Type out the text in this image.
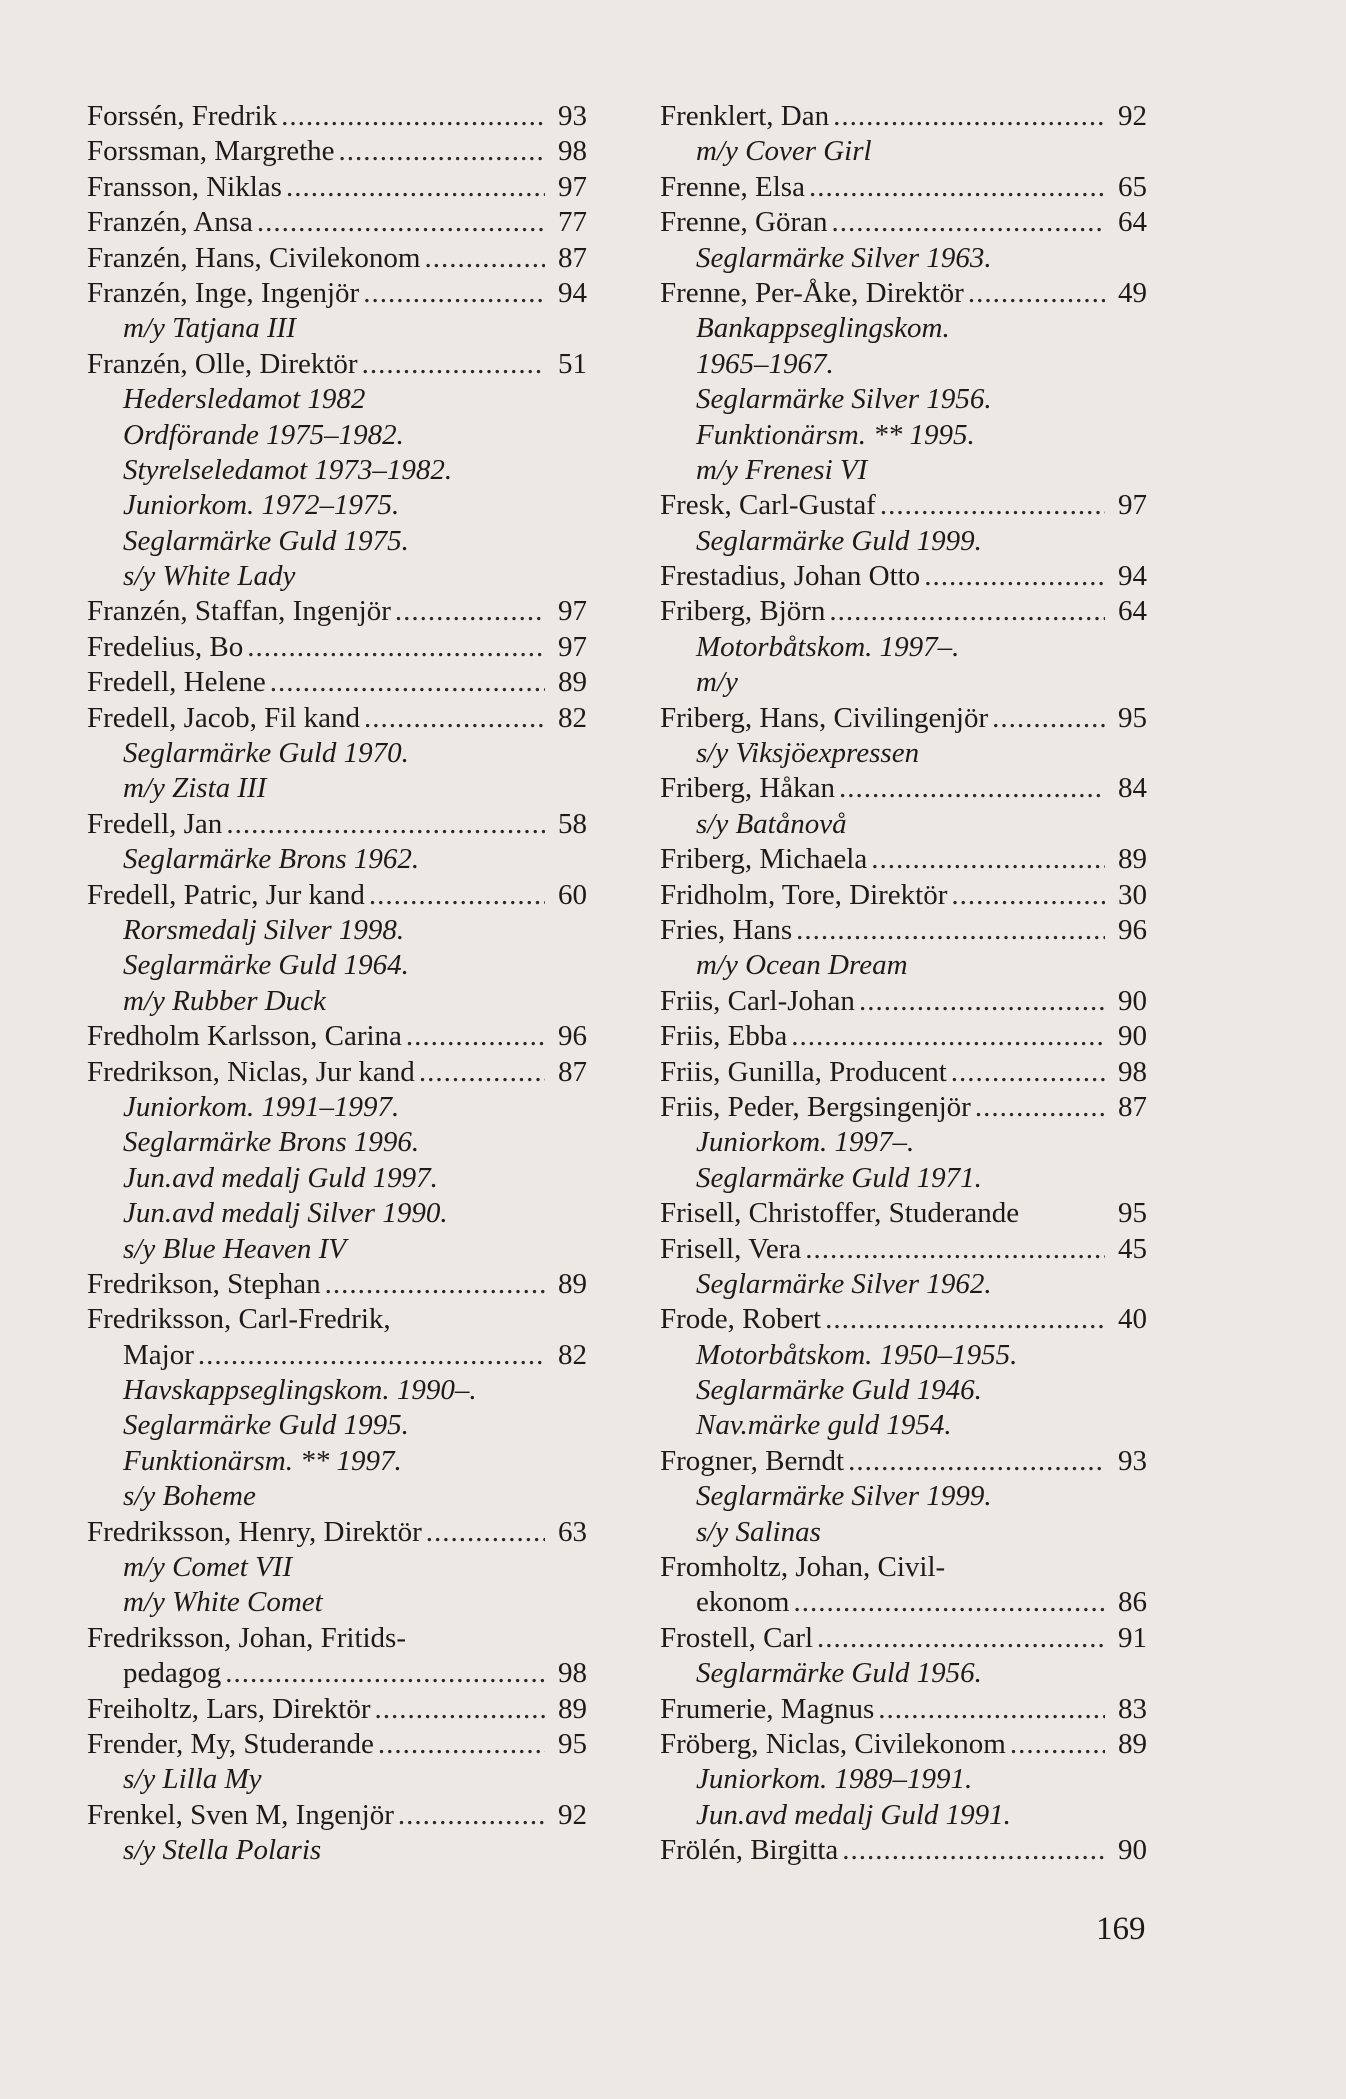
Forssén, Fredrik .....	93
Forssman, Margrethe .....	98
Fransson, Niklas .....	97
Franzén, Ansa .....	77
Franzén, Hans, Civilekonom .....	87
Franzén, Inge, Ingenjör .....	94
m/y Tatjana III
Franzén, Olle, Direktör .....	51
Hedersledamot 1982
Ordförande 1975–1982.
Styrelseledamot 1973–1982.
Juniorkom. 1972–1975.
Seglarmärke Guld 1975.
s/y White Lady
Franzén, Staffan, Ingenjör .....	97
Fredelius, Bo .....	97
Fredell, Helene .....	89
Fredell, Jacob, Fil kand .....	82
Seglarmärke Guld 1970.
m/y Zista III
Fredell, Jan .....	58
Seglarmärke Brons 1962.
Fredell, Patric, Jur kand .....	60
Rorsmedalj Silver 1998.
Seglarmärke Guld 1964.
m/y Rubber Duck
Fredholm Karlsson, Carina .....	96
Fredrikson, Niclas, Jur kand .....	87
Juniorkom. 1991–1997.
Seglarmärke Brons 1996.
Jun.avd medalj Guld 1997.
Jun.avd medalj Silver 1990.
s/y Blue Heaven IV
Fredrikson, Stephan .....	89
Fredriksson, Carl-Fredrik,
Major .....	82
Havskappseglingskom. 1990–.
Seglarmärke Guld 1995.
Funktionärsm. ** 1997.
s/y Boheme
Fredriksson, Henry, Direktör .....	63
m/y Comet VII
m/y White Comet
Fredriksson, Johan, Fritids-
pedagog .....	98
Freiholtz, Lars, Direktör .....	89
Frender, My, Studerande .....	95
s/y Lilla My
Frenkel, Sven M, Ingenjör .....	92
s/y Stella Polaris
Frenklert, Dan .....	92
m/y Cover Girl
Frenne, Elsa .....	65
Frenne, Göran .....	64
Seglarmärke Silver 1963.
Frenne, Per-Åke, Direktör .....	49
Bankappseglingskom.
1965–1967.
Seglarmärke Silver 1956.
Funktionärsm. ** 1995.
m/y Frenesi VI
Fresk, Carl-Gustaf .....	97
Seglarmärke Guld 1999.
Frestadius, Johan Otto .....	94
Friberg, Björn .....	64
Motorbåtskom. 1997–.
m/y
Friberg, Hans, Civilingenjör .....	95
s/y Viksjöexpressen
Friberg, Håkan .....	84
s/y Batånovå
Friberg, Michaela .....	89
Fridholm, Tore, Direktör .....	30
Fries, Hans .....	96
m/y Ocean Dream
Friis, Carl-Johan .....	90
Friis, Ebba .....	90
Friis, Gunilla, Producent .....	98
Friis, Peder, Bergsingenjör .....	87
Juniorkom. 1997–.
Seglarmärke Guld 1971.
Frisell, Christoffer, Studerande	95
Frisell, Vera .....	45
Seglarmärke Silver 1962.
Frode, Robert .....	40
Motorbåtskom. 1950–1955.
Seglarmärke Guld 1946.
Nav.märke guld 1954.
Frogner, Berndt .....	93
Seglarmärke Silver 1999.
s/y Salinas
Fromholtz, Johan, Civil-
ekonom .....	86
Frostell, Carl .....	91
Seglarmärke Guld 1956.
Frumerie, Magnus .....	83
Fröberg, Niclas, Civilekonom .....	89
Juniorkom. 1989–1991.
Jun.avd medalj Guld 1991.
Frölén, Birgitta .....	90
169
